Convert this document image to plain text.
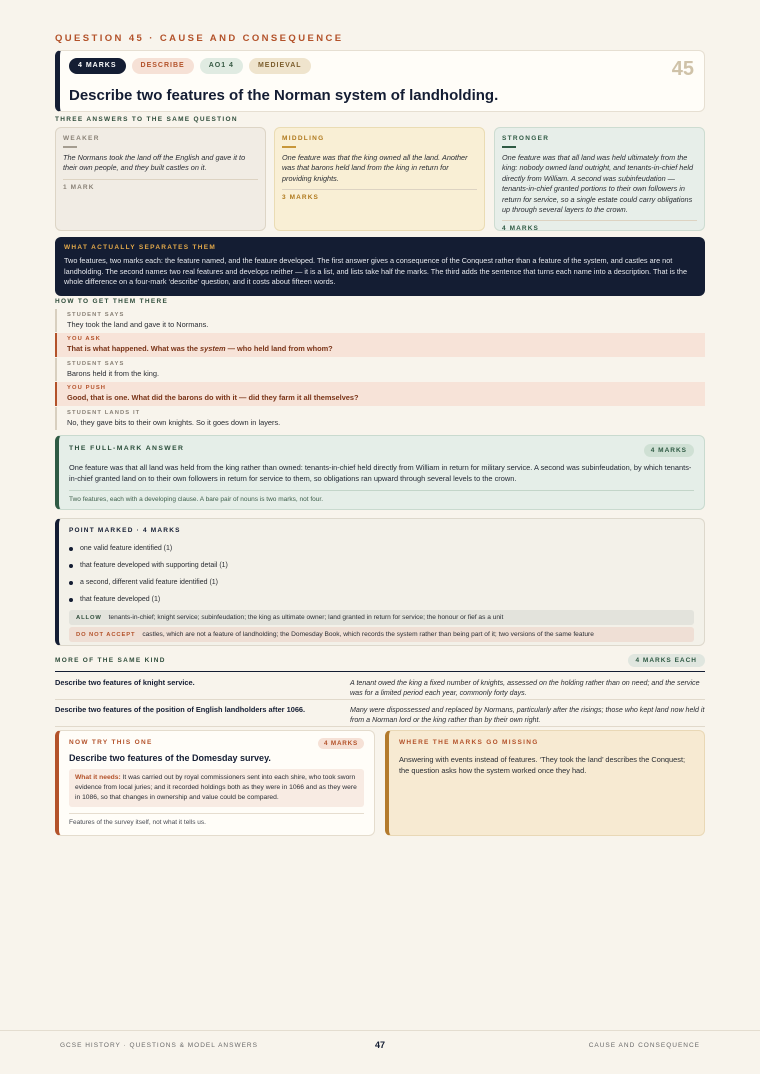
QUESTION 45 · CAUSE AND CONSEQUENCE
4 MARKS	DESCRIBE	AO1 4	MEDIEVAL	45
Describe two features of the Norman system of landholding.
THREE ANSWERS TO THE SAME QUESTION
WEAKER
The Normans took the land off the English and gave it to their own people, and they built castles on it.
1 MARK
MIDDLING
One feature was that the king owned all the land. Another was that barons held land from the king in return for providing knights.
3 MARKS
STRONGER
One feature was that all land was held ultimately from the king: nobody owned land outright, and tenants-in-chief held directly from William. A second was subinfeudation — tenants-in-chief granted portions to their own followers in return for service, so a single estate could carry obligations up through several layers to the crown.
4 MARKS
WHAT ACTUALLY SEPARATES THEM
Two features, two marks each: the feature named, and the feature developed. The first answer gives a consequence of the Conquest rather than a feature of the system, and castles are not landholding. The second names two real features and develops neither — it is a list, and lists take half the marks. The third adds the sentence that turns each name into a description. That is the whole difference on a four-mark ‘describe’ question, and it costs about fifteen words.
HOW TO GET THEM THERE
STUDENT SAYS
They took the land and gave it to Normans.
YOU ASK
That is what happened. What was the system — who held land from whom?
STUDENT SAYS
Barons held it from the king.
YOU PUSH
Good, that is one. What did the barons do with it — did they farm it all themselves?
STUDENT LANDS IT
No, they gave bits to their own knights. So it goes down in layers.
THE FULL-MARK ANSWER	4 MARKS
One feature was that all land was held from the king rather than owned: tenants-in-chief held directly from William in return for military service. A second was subinfeudation, by which tenants-in-chief granted land on to their own followers in return for service to them, so obligations ran upward through several levels to the crown.
Two features, each with a developing clause. A bare pair of nouns is two marks, not four.
POINT MARKED · 4 MARKS
one valid feature identified (1)
that feature developed with supporting detail (1)
a second, different valid feature identified (1)
that feature developed (1)
ALLOW tenants-in-chief; knight service; subinfeudation; the king as ultimate owner; land granted in return for service; the honour or fief as a unit
DO NOT ACCEPT castles, which are not a feature of landholding; the Domesday Book, which records the system rather than being part of it; two versions of the same feature
MORE OF THE SAME KIND	4 MARKS EACH
Describe two features of knight service.	A tenant owed the king a fixed number of knights, assessed on the holding rather than on need; and the service was for a limited period each year, commonly forty days.
Describe two features of the position of English landholders after 1066.	Many were dispossessed and replaced by Normans, particularly after the risings; those who kept land now held it from a Norman lord or the king rather than by their own right.
NOW TRY THIS ONE	4 MARKS
Describe two features of the Domesday survey.
What it needs: It was carried out by royal commissioners sent into each shire, who took sworn evidence from local juries; and it recorded holdings both as they were in 1066 and as they were in 1086, so that changes in ownership and value could be compared.
Features of the survey itself, not what it tells us.
WHERE THE MARKS GO MISSING
Answering with events instead of features. ‘They took the land’ describes the Conquest; the question asks how the system worked once they had.
GCSE HISTORY · QUESTIONS & MODEL ANSWERS	47	CAUSE AND CONSEQUENCE
